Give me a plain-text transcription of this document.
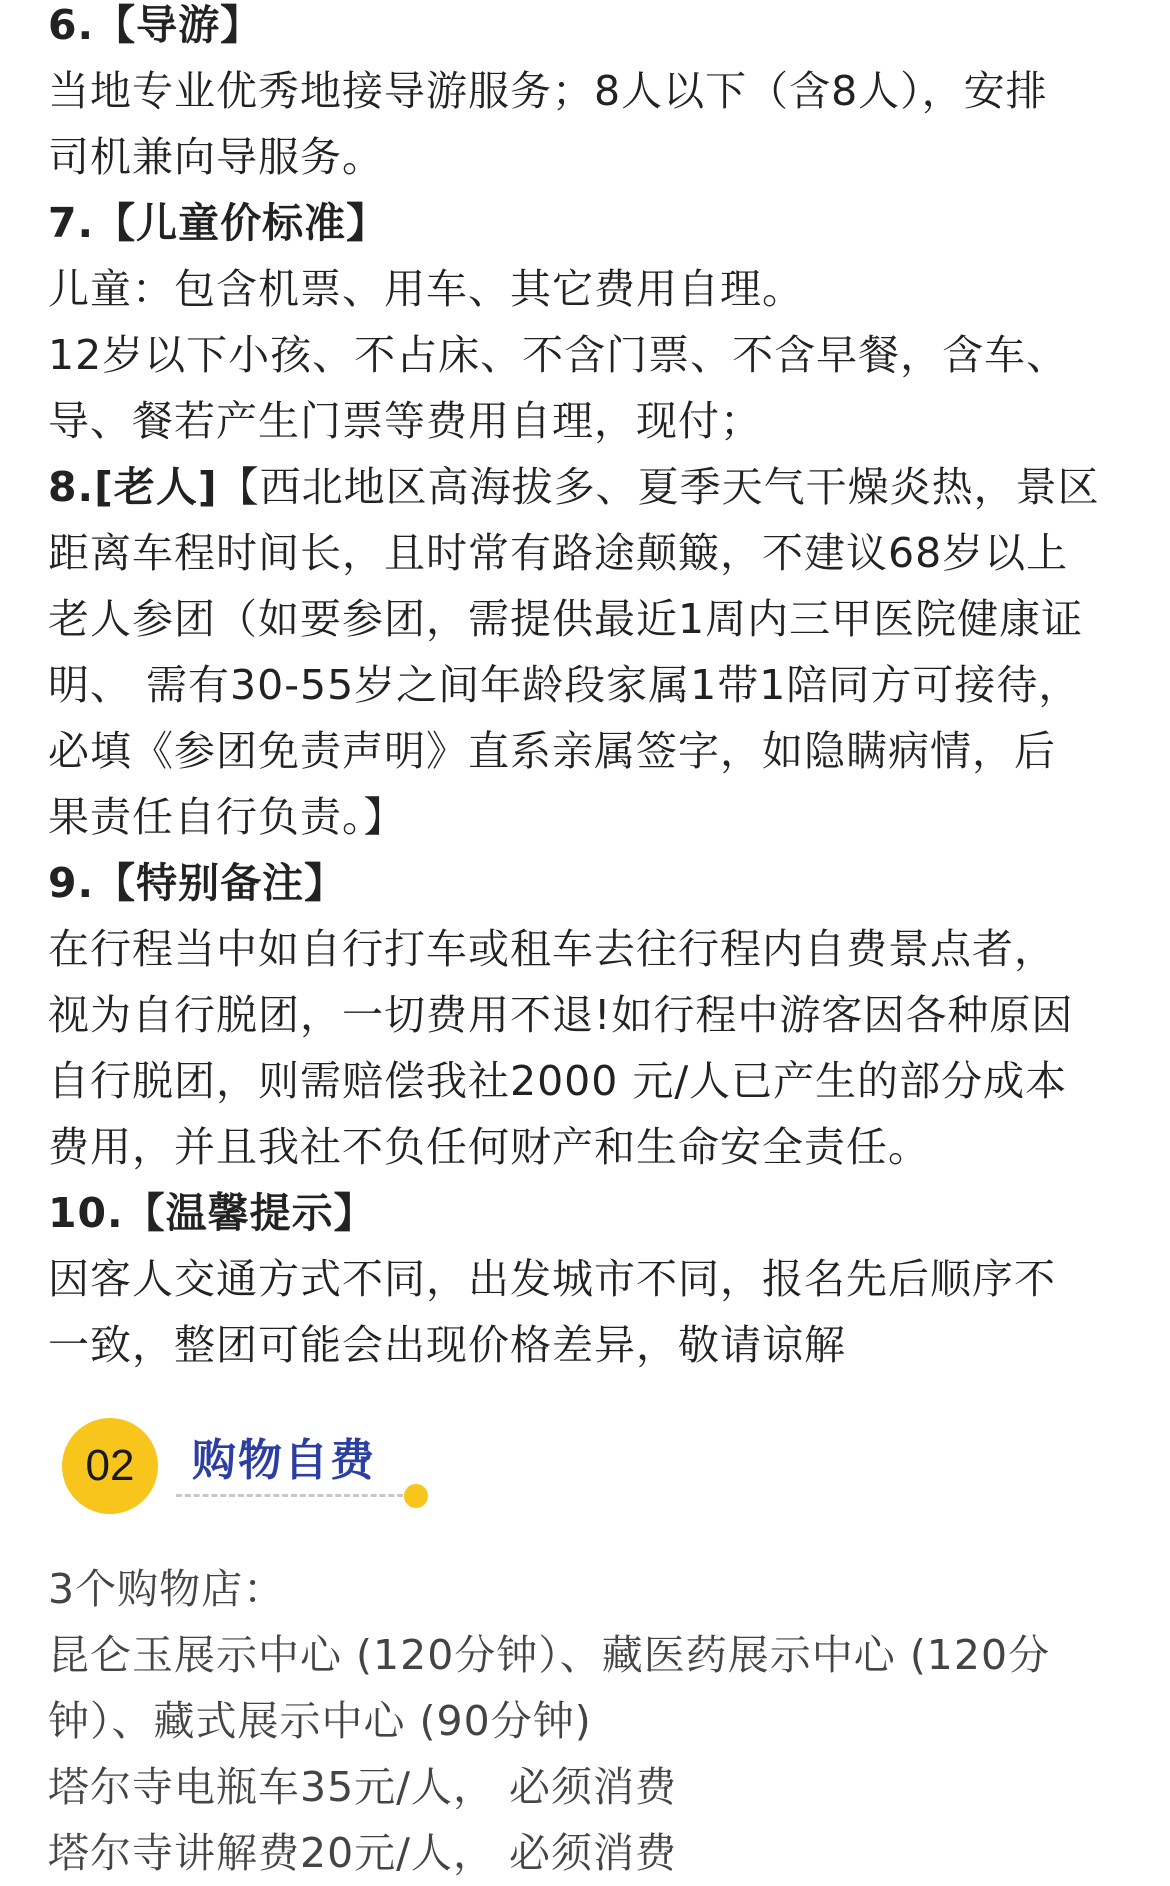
6.【导游】
当地专业优秀地接导游服务；8人以下（含8人），安排
司机兼向导服务。
7.【儿童价标准】
儿童：包含机票、用车、其它费用自理。
12岁以下小孩、不占床、不含门票、不含早餐，含车、
导、餐若产生门票等费用自理，现付；
8.[老人]【西北地区高海拔多、夏季天气干燥炎热，景区
距离车程时间长，且时常有路途颠簸，不建议68岁以上
老人参团（如要参团，需提供最近1周内三甲医院健康证
明、 需有30-55岁之间年龄段家属1带1陪同方可接待，
必填《参团免责声明》直系亲属签字，如隐瞒病情，后
果责任自行负责。】
9.【特别备注】
在行程当中如自行打车或租车去往行程内自费景点者，
视为自行脱团，一切费用不退!如行程中游客因各种原因
自行脱团，则需赔偿我社2000 元/人已产生的部分成本
费用，并且我社不负任何财产和生命安全责任。
10.【温馨提示】
因客人交通方式不同，出发城市不同，报名先后顺序不
一致，整团可能会出现价格差异，敬请谅解
02	购物自费
3个购物店：
昆仑玉展示中心 (120分钟）、藏医药展示中心 (120分
钟）、藏式展示中心 (90分钟)
塔尔寺电瓶车35元/人， 必须消费
塔尔寺讲解费20元/人， 必须消费
